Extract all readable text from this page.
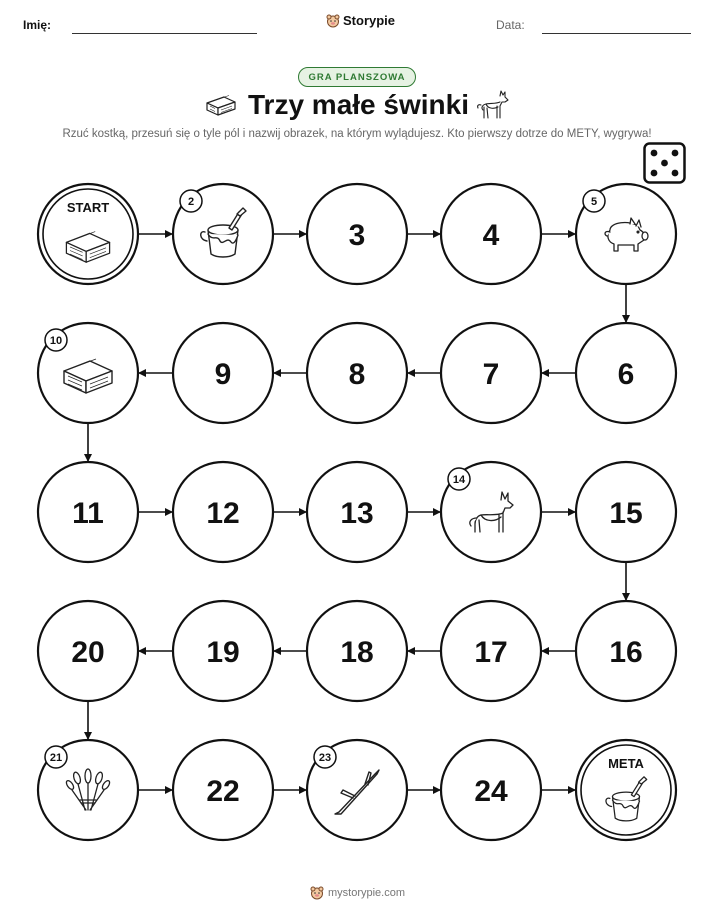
Imię:	Storypie	Data:
GRA PLANSZOWA
Trzy małe świnki
Rzuć kostką, przesuń się o tyle pól i nazwij obrazek, na którym wylądujesz. Kto pierwszy dotrze do METY, wygrywa!
START	2
3	4
5
6
7
8
9
10
11	12	13
14
15
16
17
18
19
20
21
22
23
24
META
mystorypie.com
